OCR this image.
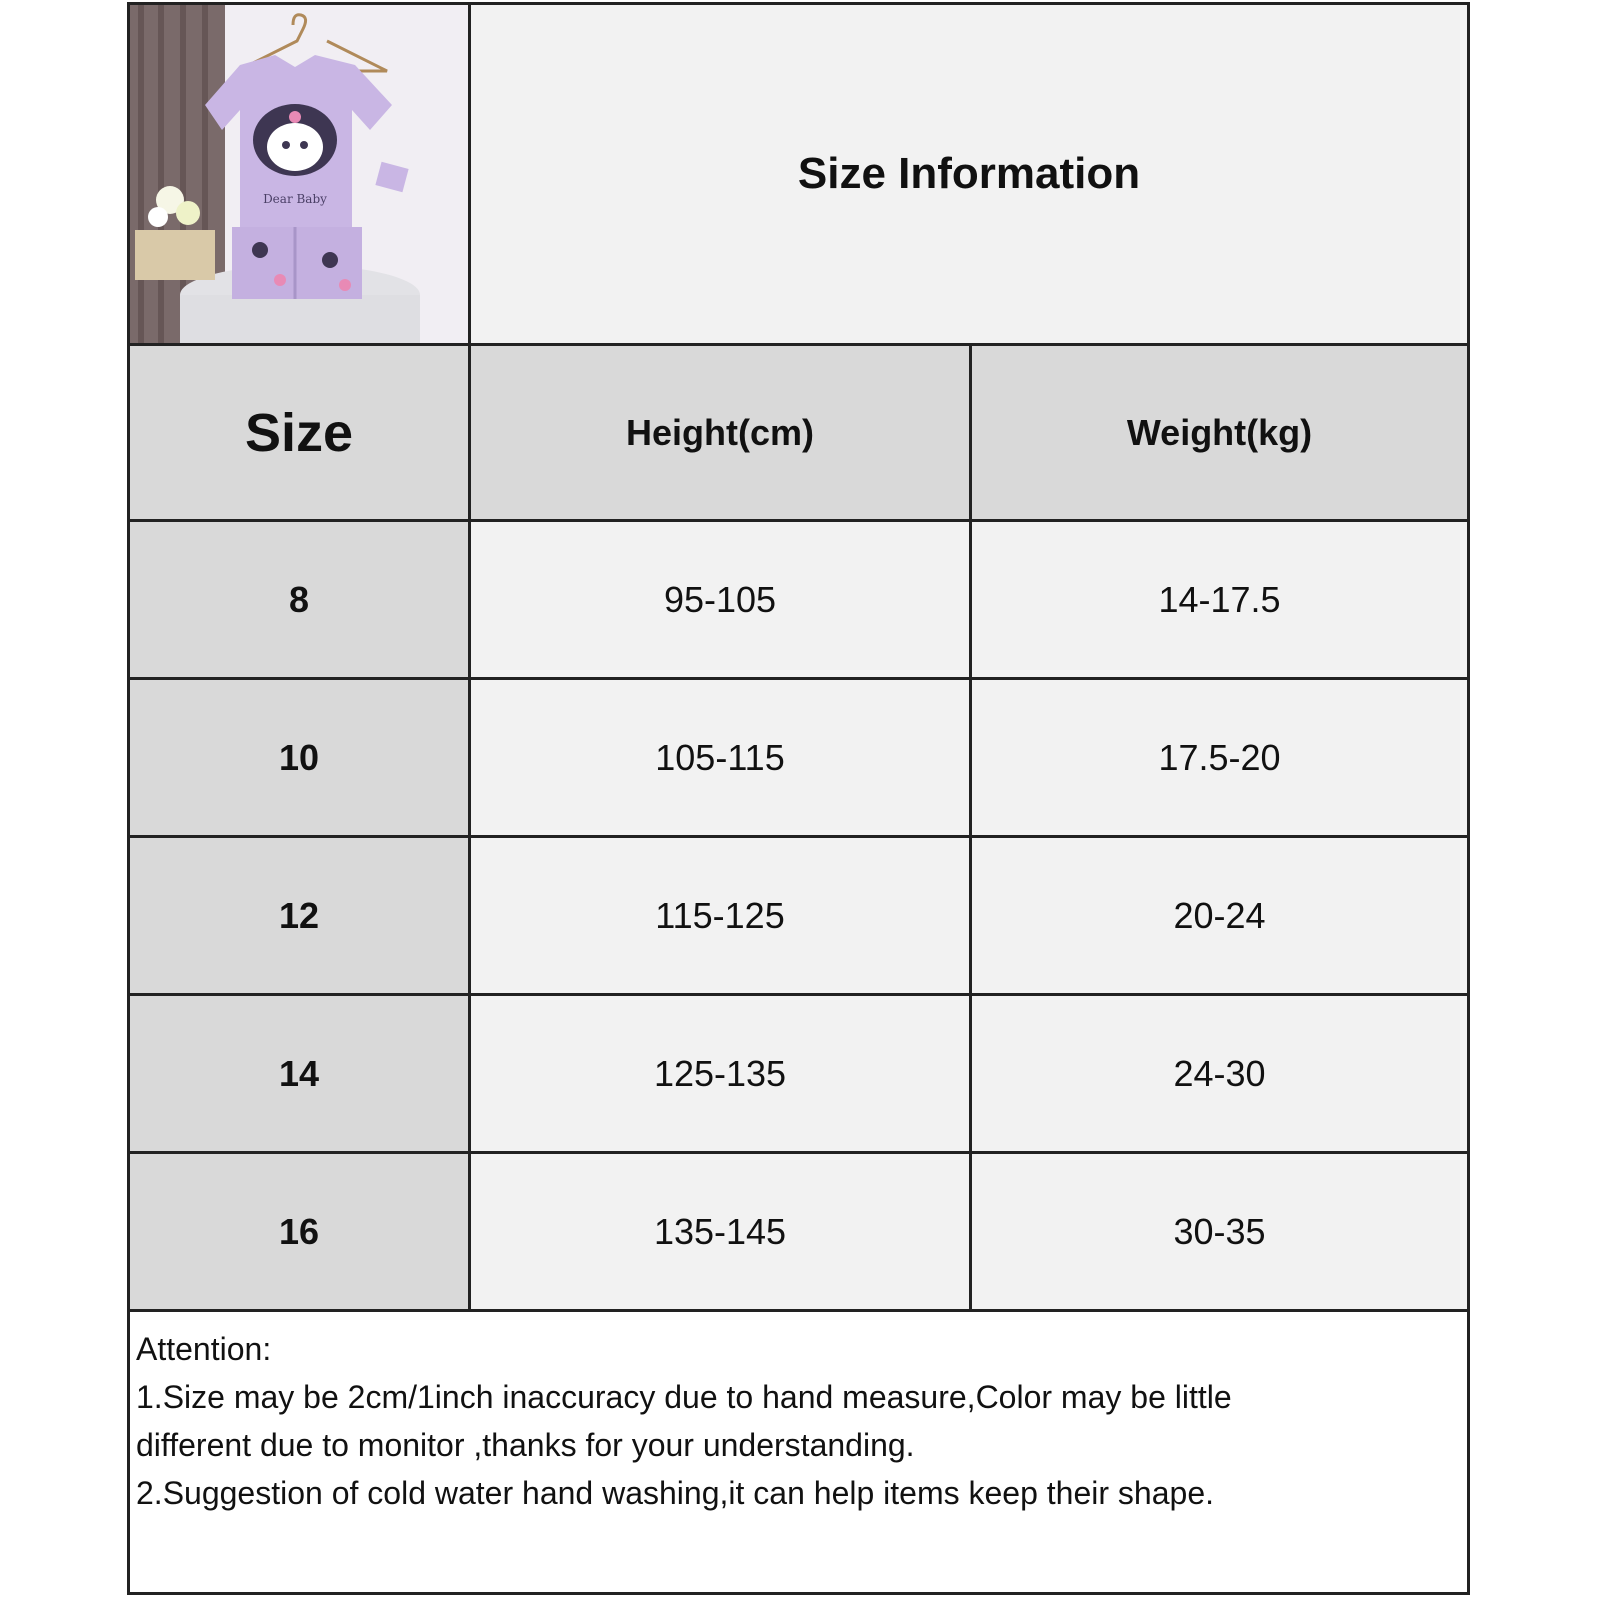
Dear Baby
Size Information
Size	Height(cm)	Weight(kg)
8	95-105	14-17.5
10	105-115	17.5-20
12	115-125	20-24
14	125-135	24-30
16	135-145	30-35
Attention:
1.Size may be 2cm/1inch inaccuracy due to hand measure,Color may be little
different due to monitor ,thanks for your understanding.
2.Suggestion of cold water hand washing,it can help items keep their shape.
